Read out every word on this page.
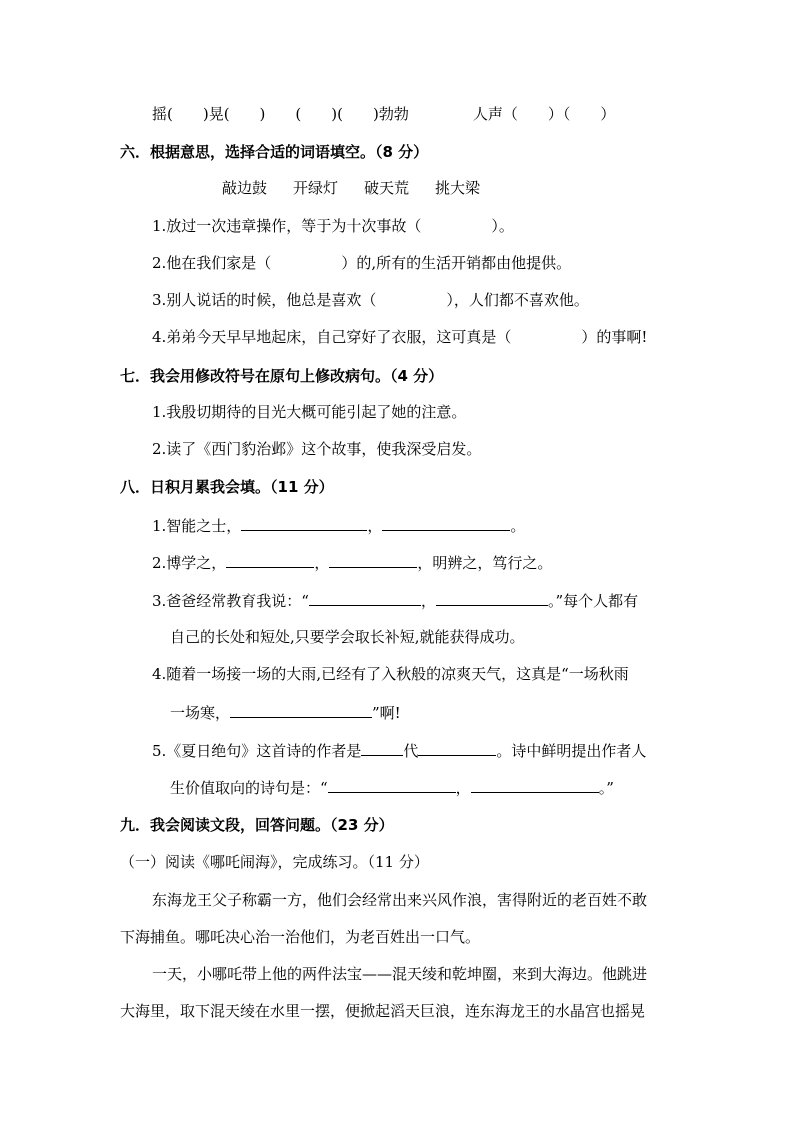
摇(　　)晃(　　)　　(　　)(　　)勃勃	人声（　　）（　　）
六．根据意思，选择合适的词语填空。（8 分）
敲边鼓 开绿灯 破天荒 挑大梁
1.放过一次违章操作，等于为十次事故（	）。
2.他在我们家是（	）的,所有的生活开销都由他提供。
3.别人说话的时候，他总是喜欢（	），人们都不喜欢他。
4.弟弟今天早早地起床，自己穿好了衣服，这可真是（	）的事啊!
七．我会用修改符号在原句上修改病句。（4 分）
1.我殷切期待的目光大概可能引起了她的注意。
2.读了《西门豹治邺》这个故事，使我深受启发。
八．日积月累我会填。（11 分）
1.智能之士，	，	。
2.博学之，	，	，明辨之，笃行之。
3.爸爸经常教育我说：“	，	。”每个人都有
自己的长处和短处,只要学会取长补短,就能获得成功。
4.随着一场接一场的大雨,已经有了入秋般的凉爽天气，这真是“一场秋雨
一场寒，	”啊!
5.《夏日绝句》这首诗的作者是	代	。诗中鲜明提出作者人
生价值取向的诗句是：“	，	。”
九．我会阅读文段，回答问题。（23 分）
（一）阅读《哪吒闹海》，完成练习。（11 分）
东海龙王父子称霸一方，他们会经常出来兴风作浪，害得附近的老百姓不敢
下海捕鱼。哪吒决心治一治他们，为老百姓出一口气。
一天，小哪吒带上他的两件法宝——混天绫和乾坤圈，来到大海边。他跳进
大海里，取下混天绫在水里一摆，便掀起滔天巨浪，连东海龙王的水晶宫也摇晃
